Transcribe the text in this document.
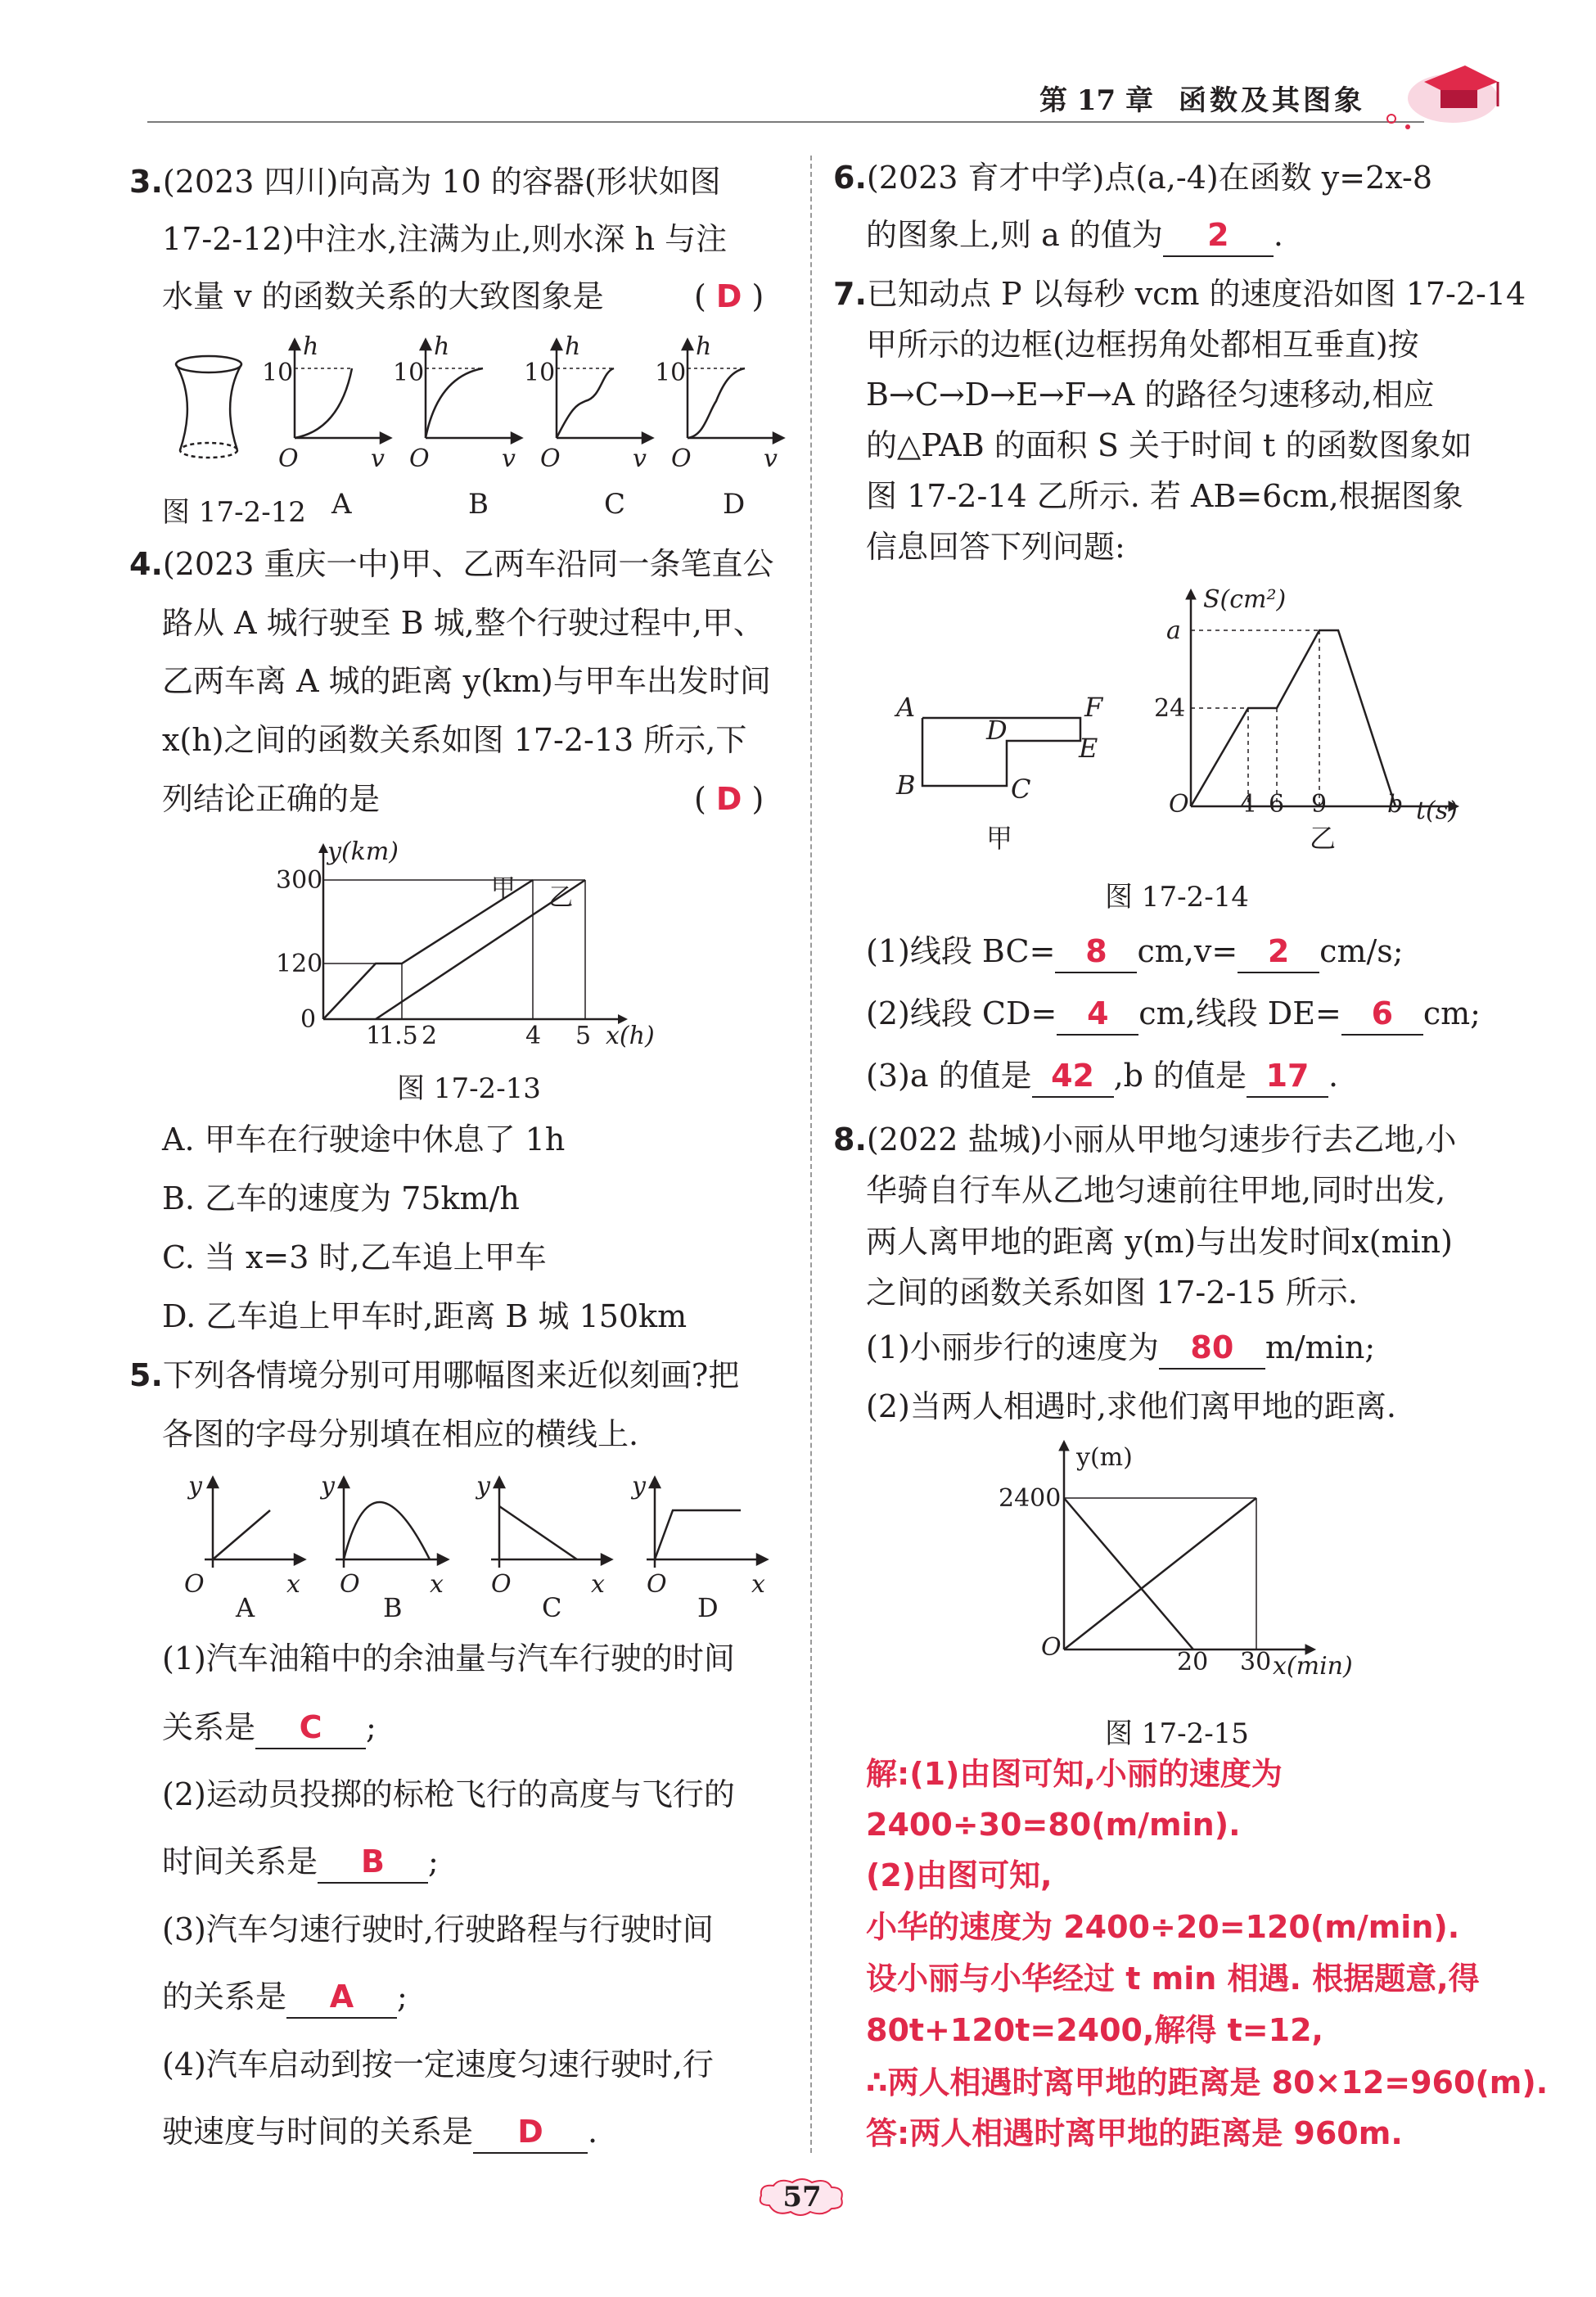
第 17 章 函数及其图象
3.(2023 四川)向高为 10 的容器(形状如图
17-2-12)中注水,注满为止,则水深 h 与注
水量 v 的函数关系的大致图象是	( D )
10
h
O	v
10
h
O	v
10
h
O	v
10
h
O	v
图 17-2-12 A	B	C	D
4.(2023 重庆一中)甲、乙两车沿同一条笔直公
路从 A 城行驶至 B 城,整个行驶过程中,甲、
乙两车离 A 城的距离 y(km)与甲车出发时间
x(h)之间的函数关系如图 17-2-13 所示,下
列结论正确的是	( D )
300
120
0
1
1.5 2	4 5
y(km)
x(h)
甲 乙
图 17-2-13
A. 甲车在行驶途中休息了 1h
B. 乙车的速度为 75km/h
C. 当 x=3 时,乙车追上甲车
D. 乙车追上甲车时,距离 B 城 150km
5.下列各情境分别可用哪幅图来近似刻画?把
各图的字母分别填在相应的横线上.
y
x
O
y
x
O
y
x
O
y
x
O
A	B	C	D
(1)汽车油箱中的余油量与汽车行驶的时间
关系是 C ;
(2)运动员投掷的标枪飞行的高度与飞行的
时间关系是 B ;
(3)汽车匀速行驶时,行驶路程与行驶时间
的关系是 A ;
(4)汽车启动到按一定速度匀速行驶时,行
驶速度与时间的关系是 D .
6.(2023 育才中学)点(a,-4)在函数 y=2x-8
的图象上,则 a 的值为 2 .
7.已知动点 P 以每秒 vcm 的速度沿如图 17-2-14
甲所示的边框(边框拐角处都相互垂直)按
B→C→D→E→F→A 的路径匀速移动,相应
的△PAB 的面积 S 关于时间 t 的函数图象如
图 17-2-14 乙所示. 若 AB=6cm,根据图象
信息回答下列问题:
A
B	C
D
E
F
甲
S(cm²)
a
24
O 4 6 9 b t(s)
乙
图 17-2-14
(1)线段 BC= 8 cm,v= 2 cm/s;
(2)线段 CD= 4 cm,线段 DE= 6 cm;
(3)a 的值是 42 ,b 的值是 17 .
8.(2022 盐城)小丽从甲地匀速步行去乙地,小
华骑自行车从乙地匀速前往甲地,同时出发,
两人离甲地的距离 y(m)与出发时间x(min)
之间的函数关系如图 17-2-15 所示.
(1)小丽步行的速度为 80 m/min;
(2)当两人相遇时,求他们离甲地的距离.
y(m)
2400
O
20 30 x(min)
图 17-2-15
解:(1)由图可知,小丽的速度为
2400÷30=80(m/min).
(2)由图可知,
小华的速度为 2400÷20=120(m/min).
设小丽与小华经过 t min 相遇. 根据题意,得
80t+120t=2400,解得 t=12,
∴两人相遇时离甲地的距离是 80×12=960(m).
答:两人相遇时离甲地的距离是 960m.
57
